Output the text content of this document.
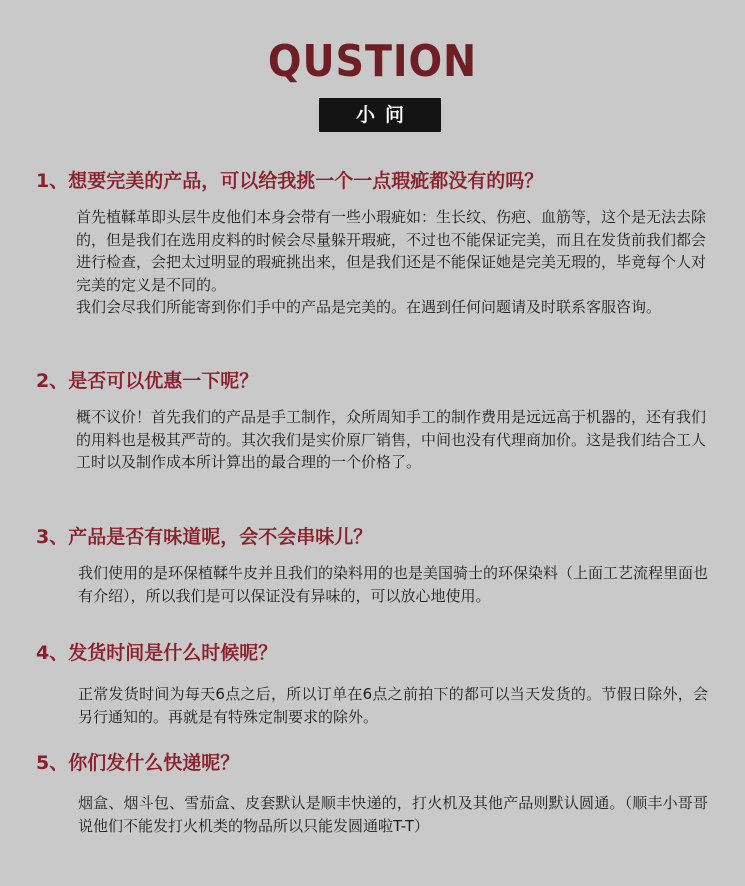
QUSTION
小问
1、想要完美的产品，可以给我挑一个一点瑕疵都没有的吗？

首先植鞣革即头层牛皮他们本身会带有一些小瑕疵如：生长纹、伤疤、血筋等，这个是无法去除的，但是我们在选用皮料的时候会尽量躲开瑕疵，不过也不能保证完美，而且在发货前我们都会进行检查，会把太过明显的瑕疵挑出来，但是我们还是不能保证她是完美无瑕的，毕竟每个人对完美的定义是不同的。

我们会尽我们所能寄到你们手中的产品是完美的。在遇到任何问题请及时联系客服咨询。

2、是否可以优惠一下呢？

概不议价！首先我们的产品是手工制作，众所周知手工的制作费用是远远高于机器的，还有我们的用料也是极其严苛的。其次我们是实价原厂销售，中间也没有代理商加价。这是我们结合工人工时以及制作成本所计算出的最合理的一个价格了。

3、产品是否有味道呢，会不会串味儿？

我们使用的是环保植鞣牛皮并且我们的染料用的也是美国骑士的环保染料（上面工艺流程里面也有介绍），所以我们是可以保证没有异味的，可以放心地使用。

4、发货时间是什么时候呢？

正常发货时间为每天6点之后，所以订单在6点之前拍下的都可以当天发货的。节假日除外，会另行通知的。再就是有特殊定制要求的除外。

5、你们发什么快递呢？

烟盒、烟斗包、雪茄盒、皮套默认是顺丰快递的，打火机及其他产品则默认圆通。（顺丰小哥哥说他们不能发打火机类的物品所以只能发圆通啦T-T）
